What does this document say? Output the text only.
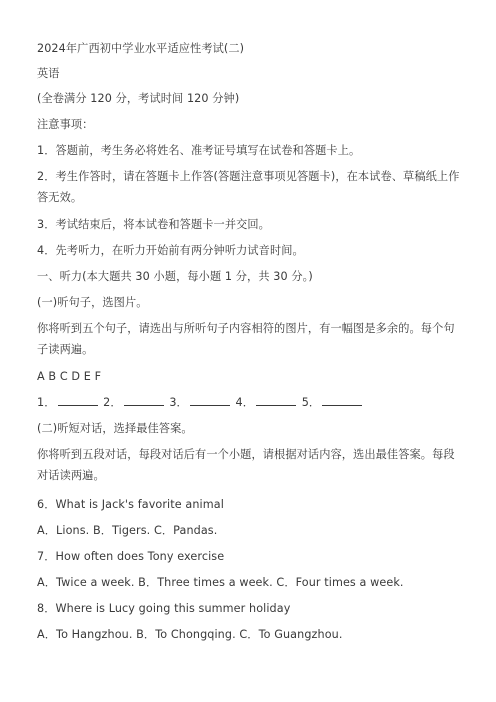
2024年广西初中学业水平适应性考试(二)
英语
(全卷满分 120 分，考试时间 120 分钟)
注意事项：
1．答题前，考生务必将姓名、准考证号填写在试卷和答题卡上。
2．考生作答时，请在答题卡上作答(答题注意事项见答题卡)，在本试卷、草稿纸上作答无效。
3．考试结束后，将本试卷和答题卡一并交回。
4．先考听力，在听力开始前有两分钟听力试音时间。
一、听力(本大题共 30 小题，每小题 1 分，共 30 分。)
(一)听句子，选图片。
你将听到五个句子，请选出与所听句子内容相符的图片，有一幅图是多余的。每个句子读两遍。
A B C D E F
1．	2．	3．	4．	5．
(二)听短对话，选择最佳答案。
你将听到五段对话，每段对话后有一个小题，请根据对话内容，选出最佳答案。每段对话读两遍。
6．What is Jack's favorite animal
A．Lions. B．Tigers. C．Pandas.
7．How often does Tony exercise
A．Twice a week. B．Three times a week. C．Four times a week.
8．Where is Lucy going this summer holiday
A．To Hangzhou. B．To Chongqing. C．To Guangzhou.
